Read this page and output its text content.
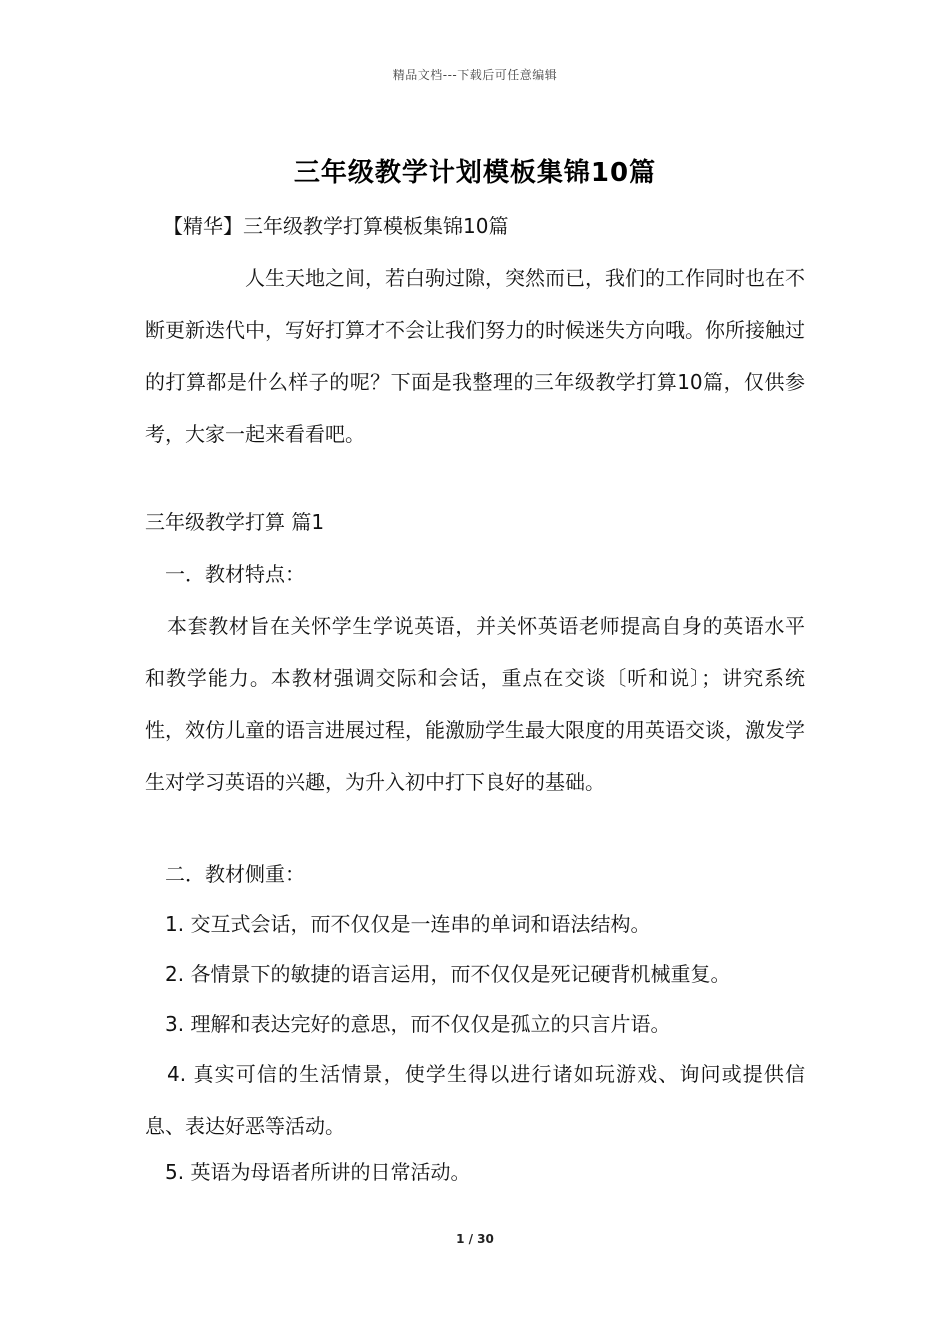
精品文档---下载后可任意编辑
三年级教学计划模板集锦10篇
【精华】三年级教学打算模板集锦10篇
人生天地之间，若白驹过隙，突然而已，我们的工作同时也在不断更新迭代中，写好打算才不会让我们努力的时候迷失方向哦。你所接触过的打算都是什么样子的呢？下面是我整理的三年级教学打算10篇，仅供参考，大家一起来看看吧。
三年级教学打算 篇1
一．教材特点：
本套教材旨在关怀学生学说英语，并关怀英语老师提高自身的英语水平和教学能力。本教材强调交际和会话，重点在交谈〔听和说〕；讲究系统性，效仿儿童的语言进展过程，能激励学生最大限度的用英语交谈，激发学生对学习英语的兴趣，为升入初中打下良好的基础。
二．教材侧重：
1. 交互式会话，而不仅仅是一连串的单词和语法结构。
2. 各情景下的敏捷的语言运用，而不仅仅是死记硬背机械重复。
3. 理解和表达完好的意思，而不仅仅是孤立的只言片语。
4. 真实可信的生活情景，使学生得以进行诸如玩游戏、询问或提供信息、表达好恶等活动。
5. 英语为母语者所讲的日常活动。
1 / 30
